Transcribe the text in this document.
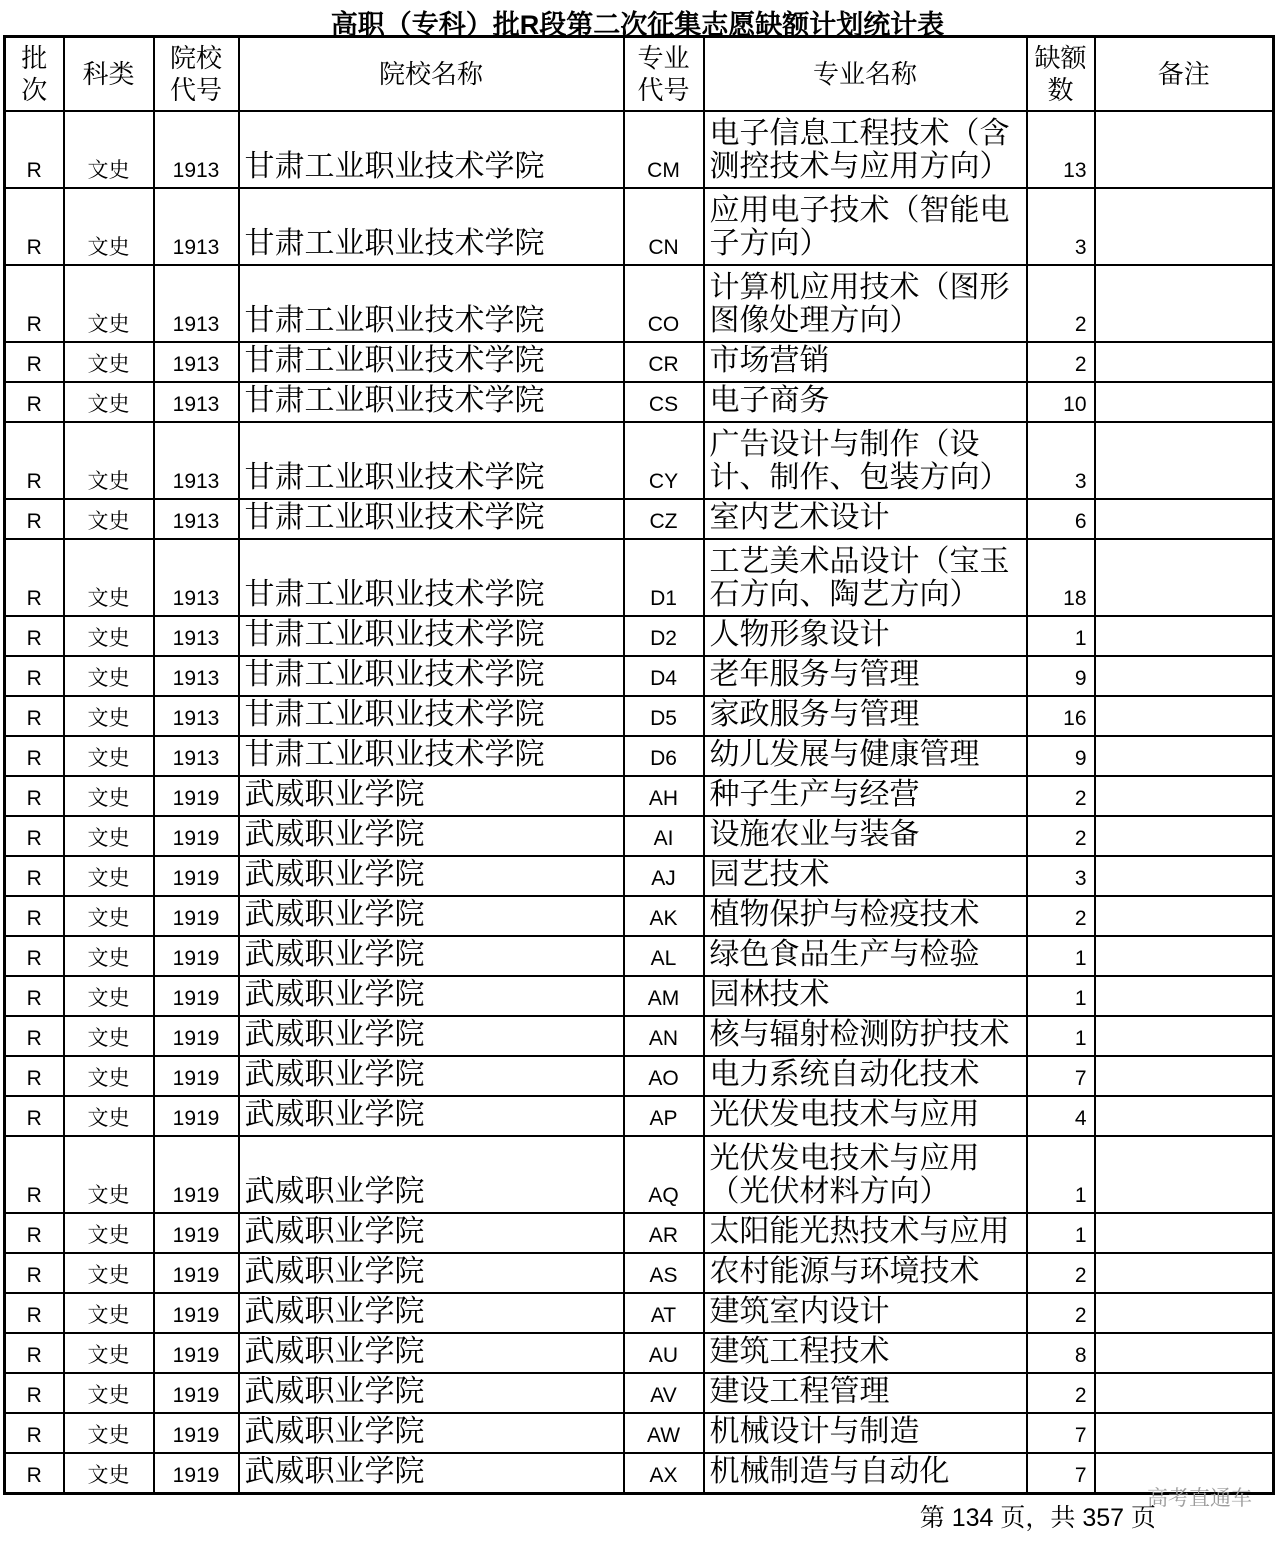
高职（专科）批R段第二次征集志愿缺额计划统计表
批次	科类	院校代号	院校名称	专业代号	专业名称	缺额数	备注
R	文史	1913	甘肃工业职业技术学院	CM	电子信息工程技术（含测控技术与应用方向）	13	
R	文史	1913	甘肃工业职业技术学院	CN	应用电子技术（智能电子方向）	3	
R	文史	1913	甘肃工业职业技术学院	CO	计算机应用技术（图形图像处理方向）	2	
R	文史	1913	甘肃工业职业技术学院	CR	市场营销	2	
R	文史	1913	甘肃工业职业技术学院	CS	电子商务	10	
R	文史	1913	甘肃工业职业技术学院	CY	广告设计与制作（设计、制作、包装方向）	3	
R	文史	1913	甘肃工业职业技术学院	CZ	室内艺术设计	6	
R	文史	1913	甘肃工业职业技术学院	D1	工艺美术品设计（宝玉石方向、陶艺方向）	18	
R	文史	1913	甘肃工业职业技术学院	D2	人物形象设计	1	
R	文史	1913	甘肃工业职业技术学院	D4	老年服务与管理	9	
R	文史	1913	甘肃工业职业技术学院	D5	家政服务与管理	16	
R	文史	1913	甘肃工业职业技术学院	D6	幼儿发展与健康管理	9	
R	文史	1919	武威职业学院	AH	种子生产与经营	2	
R	文史	1919	武威职业学院	AI	设施农业与装备	2	
R	文史	1919	武威职业学院	AJ	园艺技术	3	
R	文史	1919	武威职业学院	AK	植物保护与检疫技术	2	
R	文史	1919	武威职业学院	AL	绿色食品生产与检验	1	
R	文史	1919	武威职业学院	AM	园林技术	1	
R	文史	1919	武威职业学院	AN	核与辐射检测防护技术	1	
R	文史	1919	武威职业学院	AO	电力系统自动化技术	7	
R	文史	1919	武威职业学院	AP	光伏发电技术与应用	4	
R	文史	1919	武威职业学院	AQ	光伏发电技术与应用（光伏材料方向）	1	
R	文史	1919	武威职业学院	AR	太阳能光热技术与应用	1	
R	文史	1919	武威职业学院	AS	农村能源与环境技术	2	
R	文史	1919	武威职业学院	AT	建筑室内设计	2	
R	文史	1919	武威职业学院	AU	建筑工程技术	8	
R	文史	1919	武威职业学院	AV	建设工程管理	2	
R	文史	1919	武威职业学院	AW	机械设计与制造	7	
R	文史	1919	武威职业学院	AX	机械制造与自动化	7	
高考直通车
第 134 页，共 357 页
